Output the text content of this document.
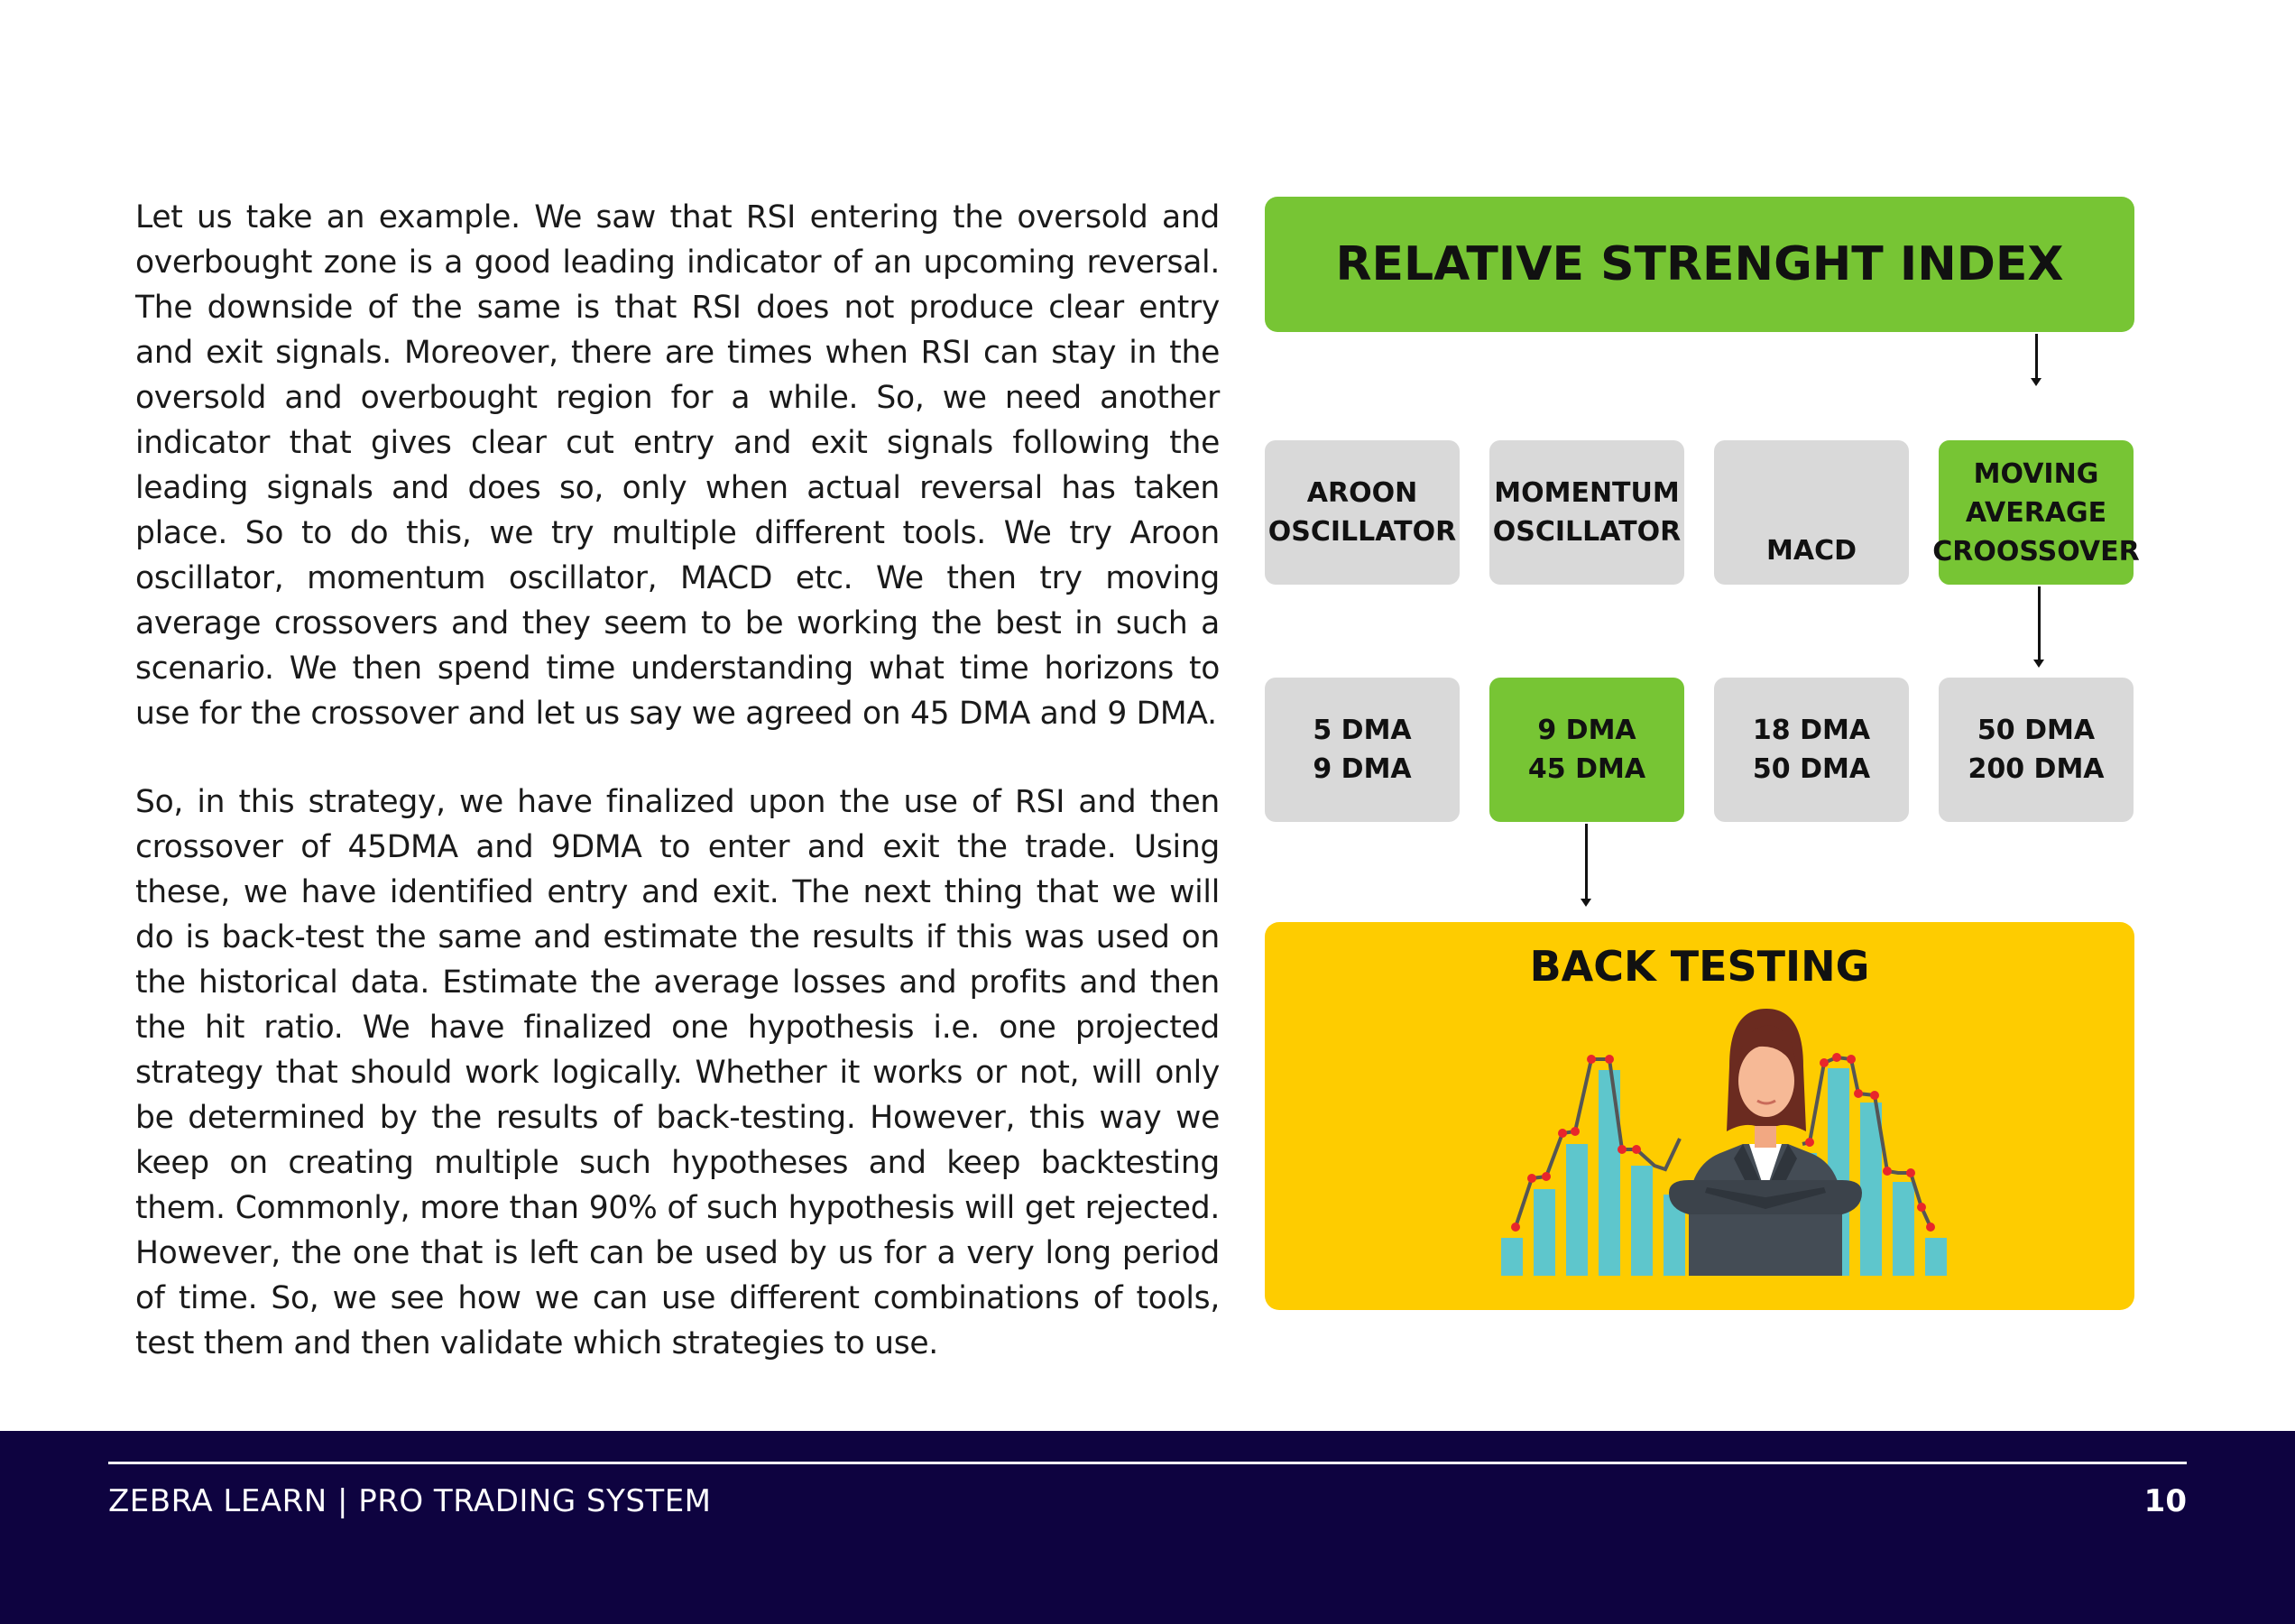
Let us take an example. We saw that RSI entering the oversold and overbought zone is a good leading indicator of an upcoming reversal. The downside of the same is that RSI does not produce clear entry and exit signals. Moreover, there are times when RSI can stay in the oversold and overbought region for a while. So, we need another indicator that gives clear cut entry and exit signals following the leading signals and does so, only when actual reversal has taken place. So to do this, we try multiple different tools. We try Aroon oscillator, momentum oscillator, MACD etc. We then try moving average crossovers and they seem to be working the best in such a scenario. We then spend time understanding what time horizons to use for the crossover and let us say we agreed on 45 DMA and 9 DMA.

So, in this strategy, we have finalized upon the use of RSI and then crossover of 45DMA and 9DMA to enter and exit the trade. Using these, we have identified entry and exit. The next thing that we will do is back-test the same and estimate the results if this was used on the historical data. Estimate the average losses and profits and then the hit ratio. We have finalized one hypothesis i.e. one projected strategy that should work logically. Whether it works or not, will only be determined by the results of back-testing. However, this way we keep on creating multiple such hypotheses and keep backtesting them. Commonly, more than 90% of such hypothesis will get rejected. However, the one that is left can be used by us for a very long period of time. So, we see how we can use different combinations of tools, test them and then validate which strategies to use.

RELATIVE STRENGHT INDEX
AROON
OSCILLATOR
MOMENTUM
OSCILLATOR
MACD
MOVING
AVERAGE
CROOSSOVER
5 DMA
9 DMA
9 DMA
45 DMA
18 DMA
50 DMA
50 DMA
200 DMA
BACK TESTING
ZEBRA LEARN | PRO TRADING SYSTEM	10
